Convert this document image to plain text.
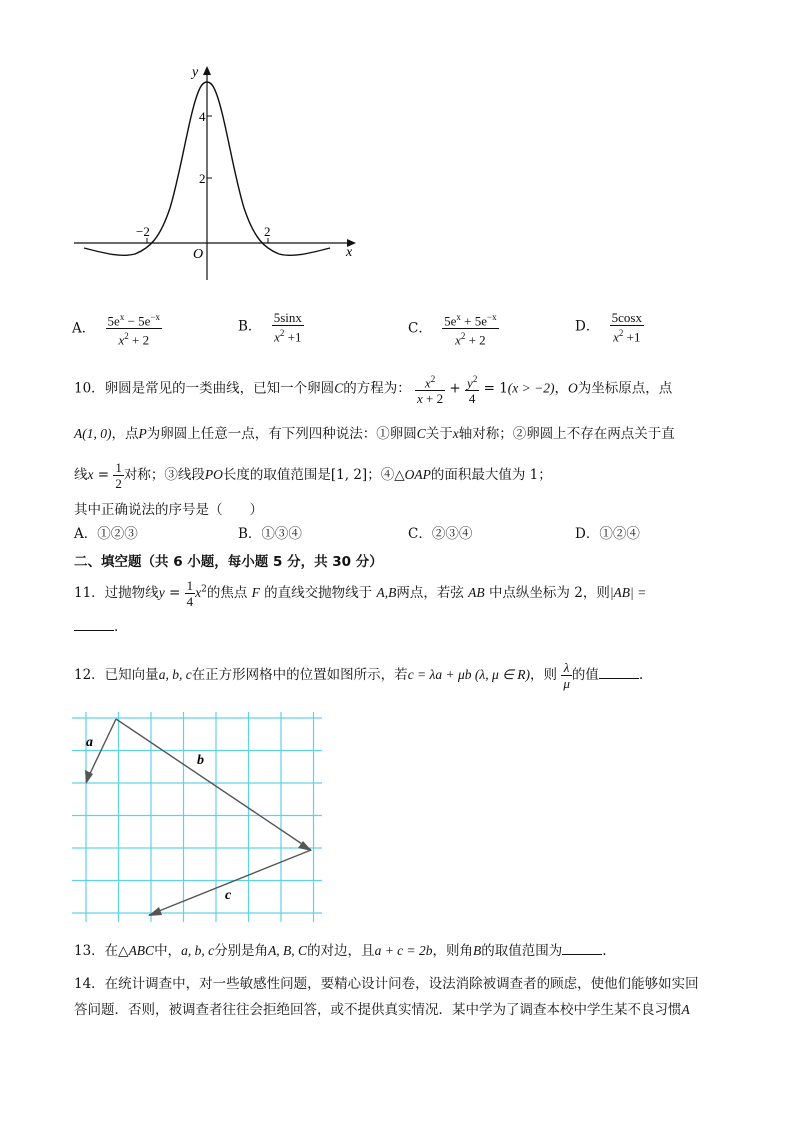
y
x
O
4
2
−2	2
A． $\frac{5e^x - 5e^{-x}}{x^2 + 2}$	B． $\frac{5\sin x}{x^2 +1}$	C． $\frac{5e^x + 5e^{-x}}{x^2 + 2}$	D． $\frac{5\cos x}{x^2 +1}$
10．卵圆是常见的一类曲线，已知一个卵圆C的方程为： $\frac{x^2}{x + 2} + \frac{y^2}{4} = 1(x > -2)$，O为坐标原点，点
A(1, 0)，点P为卵圆上任意一点，有下列四种说法：①卵圆C关于x轴对称；②卵圆上不存在两点关于直
线$x = \frac{1}{2}$ 对称；③线段PO长度的取值范围是[1, 2]；④△OAP的面积最大值为 1；
其中正确说法的序号是（　　）
A．①②③	B．①③④	C．②③④	D．①②④
二、填空题（共 6 小题，每小题 5 分，共 30 分）
11．过抛物线$y = \frac{1}{4} x^2$的焦点 F 的直线交抛物线于 A,B两点，若弦 AB 中点纵坐标为 2，则|AB| =
.
12．已知向量a, b, c在正方形网格中的位置如图所示，若c = λa + μb (λ, μ ∈ R)，则 $\frac{\lambda}{\mu}$ 的值	.
a
b
c
13．在△ABC中，a, b, c分别是角A, B, C的对边，且a + c = 2b，则角B的取值范围为	.
14．在统计调查中，对一些敏感性问题，要精心设计问卷，设法消除被调查者的顾虑，使他们能够如实回
答问题．否则，被调查者往往会拒绝回答，或不提供真实情况．某中学为了调查本校中学生某不良习惯A
